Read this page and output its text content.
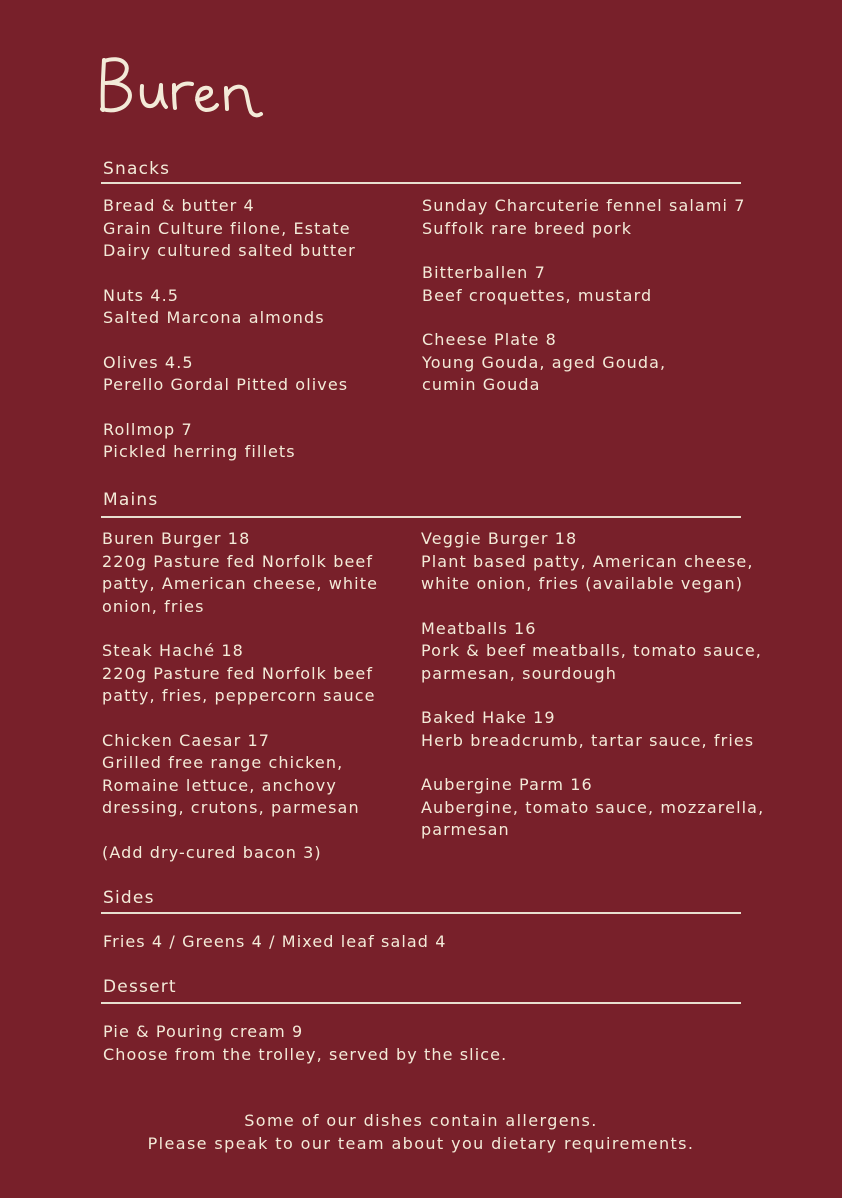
Snacks
Bread & butter 4
Grain Culture filone, Estate
Dairy cultured salted butter
Nuts 4.5
Salted Marcona almonds
Olives 4.5
Perello Gordal Pitted olives
Rollmop 7
Pickled herring fillets
Sunday Charcuterie fennel salami 7
Suffolk rare breed pork
Bitterballen 7
Beef croquettes, mustard
Cheese Plate 8
Young Gouda, aged Gouda,
cumin Gouda
Mains
Buren Burger 18
220g Pasture fed Norfolk beef
patty, American cheese, white
onion, fries
Steak Haché 18
220g Pasture fed Norfolk beef
patty, fries, peppercorn sauce
Chicken Caesar 17
Grilled free range chicken,
Romaine lettuce, anchovy
dressing, crutons, parmesan
(Add dry-cured bacon 3)
Veggie Burger 18
Plant based patty, American cheese,
white onion, fries (available vegan)
Meatballs 16
Pork & beef meatballs, tomato sauce,
parmesan, sourdough
Baked Hake 19
Herb breadcrumb, tartar sauce, fries
Aubergine Parm 16
Aubergine, tomato sauce, mozzarella,
parmesan
Sides
Fries 4 / Greens 4 / Mixed leaf salad 4
Dessert
Pie & Pouring cream 9
Choose from the trolley, served by the slice.
Some of our dishes contain allergens.
Please speak to our team about you dietary requirements.
